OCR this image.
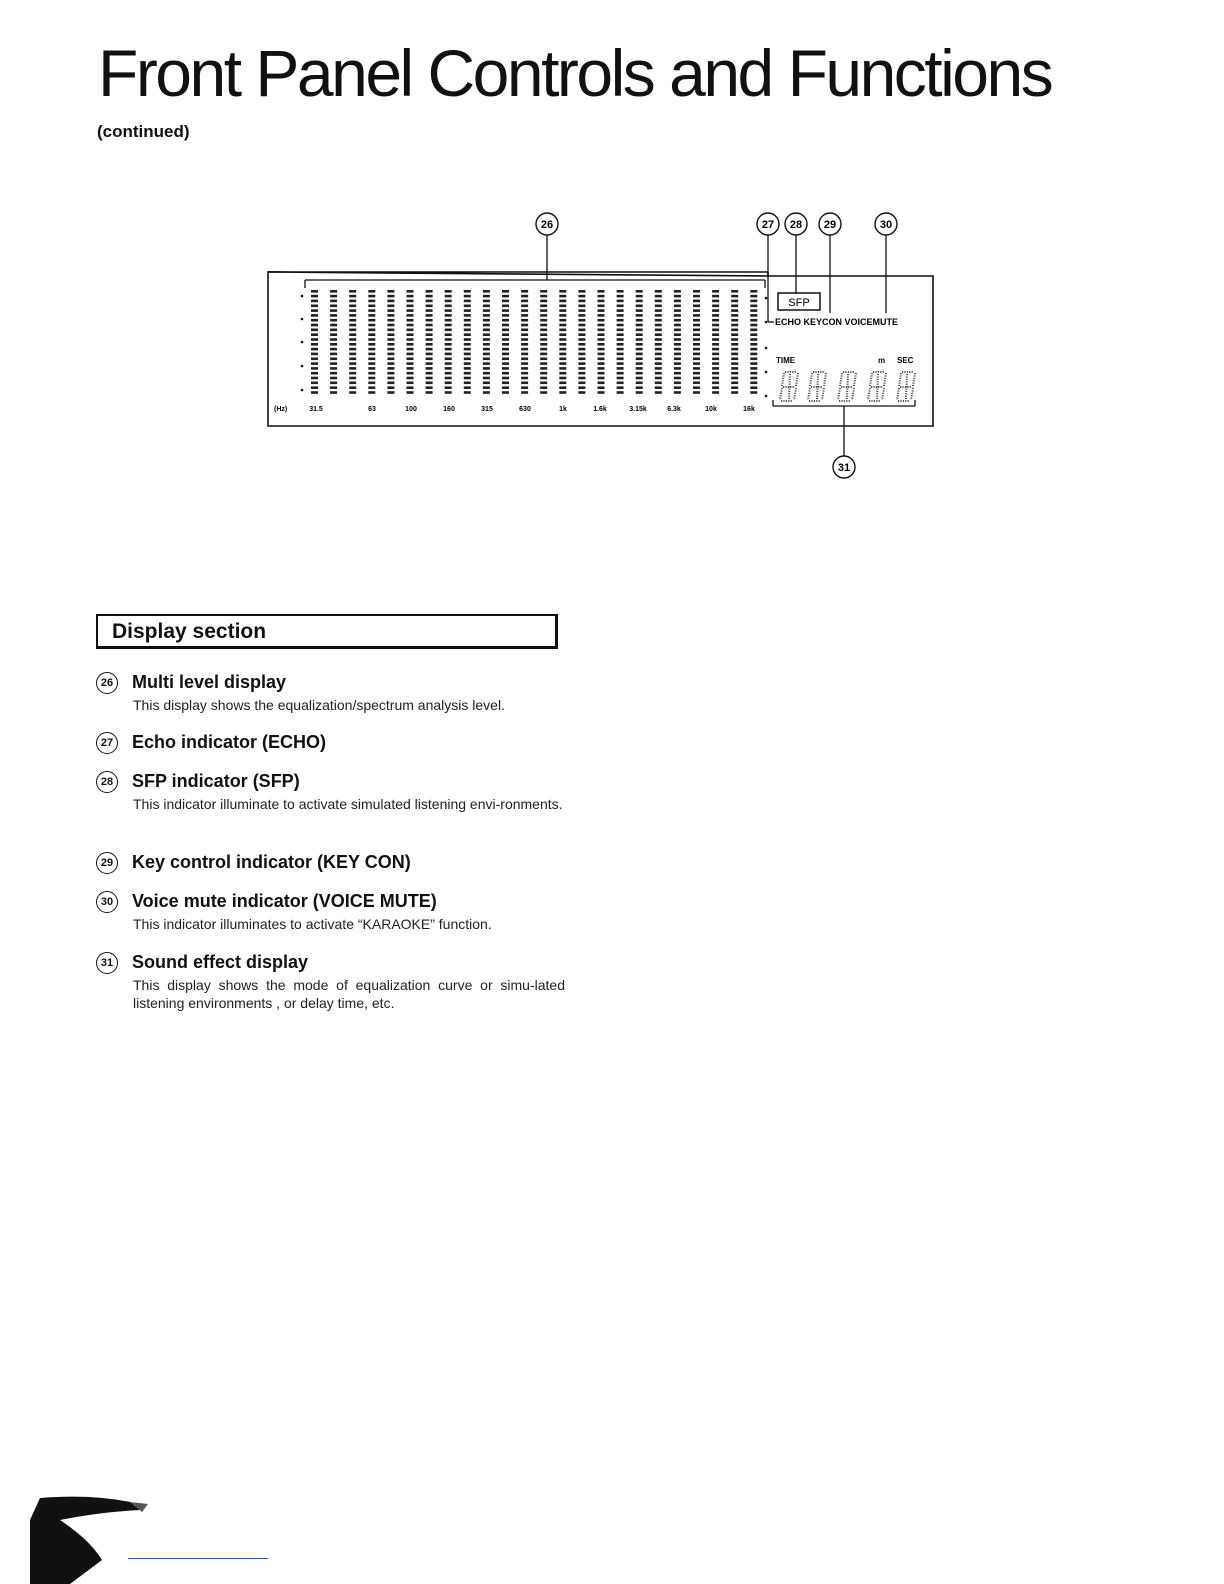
Front Panel Controls and Functions
(continued)
26	27 28 29	30
31
(Hz)	31.5	63	100	160	315	630	1k	1.6k	3.15k	6.3k	10k	16k
SFP
ECHO KEYCON VOICEMUTE
TIME	m SEC
Display section
26 Multi level display
This display shows the equalization/spectrum analysis level.
27 Echo indicator (ECHO)
28 SFP indicator (SFP)
This indicator illuminate to activate simulated listening envi-ronments.
29 Key control indicator (KEY CON)
30 Voice mute indicator (VOICE MUTE)
This indicator illuminates to activate “KARAOKE” function.
31 Sound effect display
This display shows the mode of equalization curve or simu-lated listening environments , or delay time, etc.
